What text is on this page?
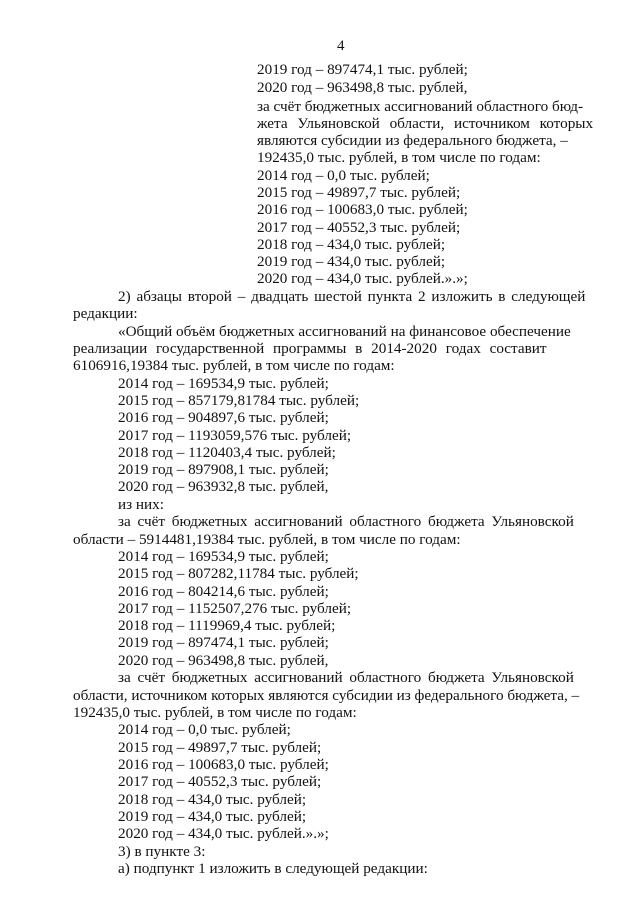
4
2019 год – 897474,1 тыс. рублей;
2020 год – 963498,8 тыс. рублей,
за счёт бюджетных ассигнований областного бюд-
жета Ульяновской области, источником которых
являются субсидии из федерального бюджета, –
192435,0 тыс. рублей, в том числе по годам:
2014 год – 0,0 тыс. рублей;
2015 год – 49897,7 тыс. рублей;
2016 год – 100683,0 тыс. рублей;
2017 год – 40552,3 тыс. рублей;
2018 год – 434,0 тыс. рублей;
2019 год – 434,0 тыс. рублей;
2020 год – 434,0 тыс. рублей.».»;
2) абзацы второй – двадцать шестой пункта 2 изложить в следующей
редакции:
«Общий объём бюджетных ассигнований на финансовое обеспечение
реализации государственной программы в 2014-2020 годах составит
6106916,19384 тыс. рублей, в том числе по годам:
2014 год – 169534,9 тыс. рублей;
2015 год – 857179,81784 тыс. рублей;
2016 год – 904897,6 тыс. рублей;
2017 год – 1193059,576 тыс. рублей;
2018 год – 1120403,4 тыс. рублей;
2019 год – 897908,1 тыс. рублей;
2020 год – 963932,8 тыс. рублей,
из них:
за счёт бюджетных ассигнований областного бюджета Ульяновской
области – 5914481,19384 тыс. рублей, в том числе по годам:
2014 год – 169534,9 тыс. рублей;
2015 год – 807282,11784 тыс. рублей;
2016 год – 804214,6 тыс. рублей;
2017 год – 1152507,276 тыс. рублей;
2018 год – 1119969,4 тыс. рублей;
2019 год – 897474,1 тыс. рублей;
2020 год – 963498,8 тыс. рублей,
за счёт бюджетных ассигнований областного бюджета Ульяновской
области, источником которых являются субсидии из федерального бюджета, –
192435,0 тыс. рублей, в том числе по годам:
2014 год – 0,0 тыс. рублей;
2015 год – 49897,7 тыс. рублей;
2016 год – 100683,0 тыс. рублей;
2017 год – 40552,3 тыс. рублей;
2018 год – 434,0 тыс. рублей;
2019 год – 434,0 тыс. рублей;
2020 год – 434,0 тыс. рублей.».»;
3) в пункте 3:
а) подпункт 1 изложить в следующей редакции:
